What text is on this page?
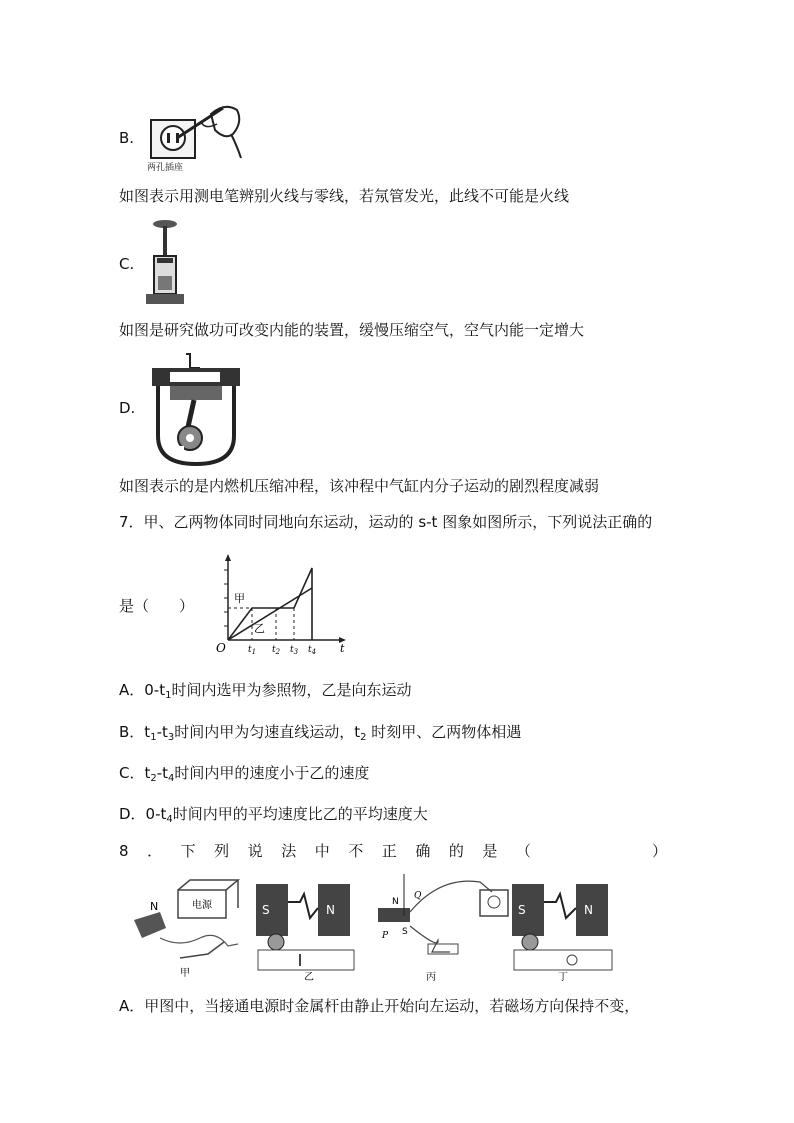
B.
两孔插座
如图表示用测电笔辨别火线与零线，若氖管发光，此线不可能是火线
C.
如图是研究做功可改变内能的装置，缓慢压缩空气，空气内能一定增大
D.
如图表示的是内燃机压缩冲程，该冲程中气缸内分子运动的剧烈程度减弱
7．甲、乙两物体同时同地向东运动，运动的 s-t 图象如图所示，下列说法正确的
是（　　）	甲
乙
O	t
$t_1$ $t_2$ $t_3$ $t_4$
A．$0-t_1$时间内选甲为参照物，乙是向东运动
B．$t_1-t_3$时间内甲为匀速直线运动，$t_2$ 时刻甲、乙两物体相遇
C．$t_2-t_4$时间内甲的速度小于乙的速度
D．$0-t_4$时间内甲的平均速度比乙的平均速度大
8 ． 下 列 说 法 中 不 正 确 的 是 （	）
N	电源
甲
S	N
乙
N
S
Q
P
丙
S	N
丁
A．甲图中，当接通电源时金属杆由静止开始向左运动，若磁场方向保持不变，
